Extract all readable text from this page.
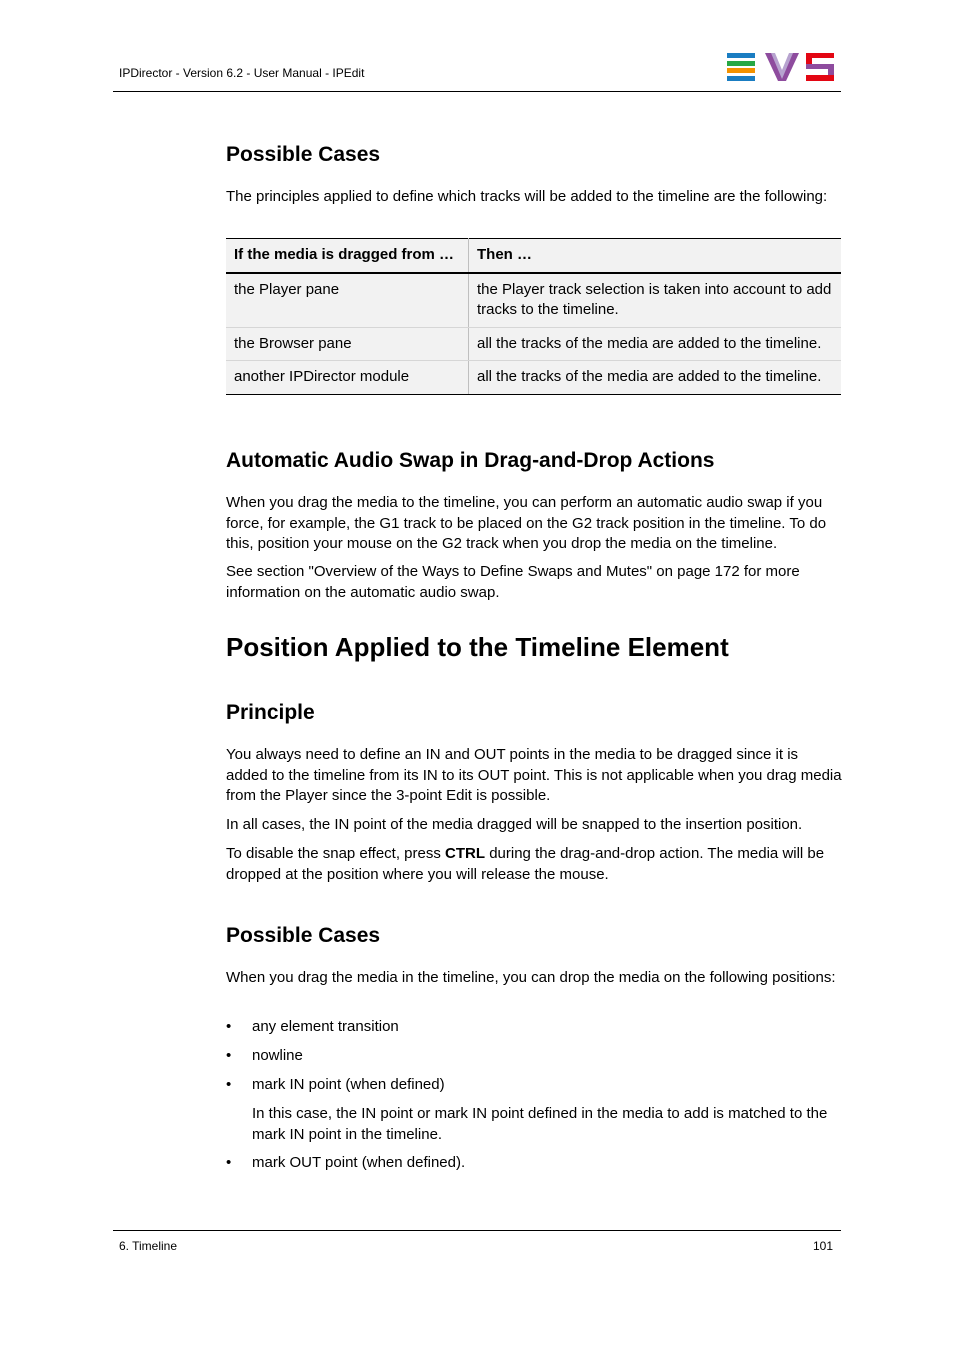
IPDirector - Version 6.2 - User Manual - IPEdit
Possible Cases

The principles applied to define which tracks will be added to the timeline are the following:

If the media is dragged from …	Then …
the Player pane	the Player track selection is taken into account to add tracks to the timeline.
the Browser pane	all the tracks of the media are added to the timeline.
another IPDirector module	all the tracks of the media are added to the timeline.
Automatic Audio Swap in Drag-and-Drop Actions

When you drag the media to the timeline, you can perform an automatic audio swap if you force, for example, the G1 track to be placed on the G2 track position in the timeline. To do this, position your mouse on the G2 track when you drop the media on the timeline.

See section "Overview of the Ways to Define Swaps and Mutes" on page 172 for more information on the automatic audio swap.

Position Applied to the Timeline Element
Principle

You always need to define an IN and OUT points in the media to be dragged since it is added to the timeline from its IN to its OUT point. This is not applicable when you drag media from the Player since the 3-point Edit is possible.

In all cases, the IN point of the media dragged will be snapped to the insertion position.

To disable the snap effect, press CTRL during the drag-and-drop action. The media will be dropped at the position where you will release the mouse.

Possible Cases

When you drag the media in the timeline, you can drop the media on the following positions:

• any element transition
• nowline
• mark IN point (when defined)

In this case, the IN point or mark IN point defined in the media to add is matched to the mark IN point in the timeline.

• mark OUT point (when defined).
6. Timeline	101
